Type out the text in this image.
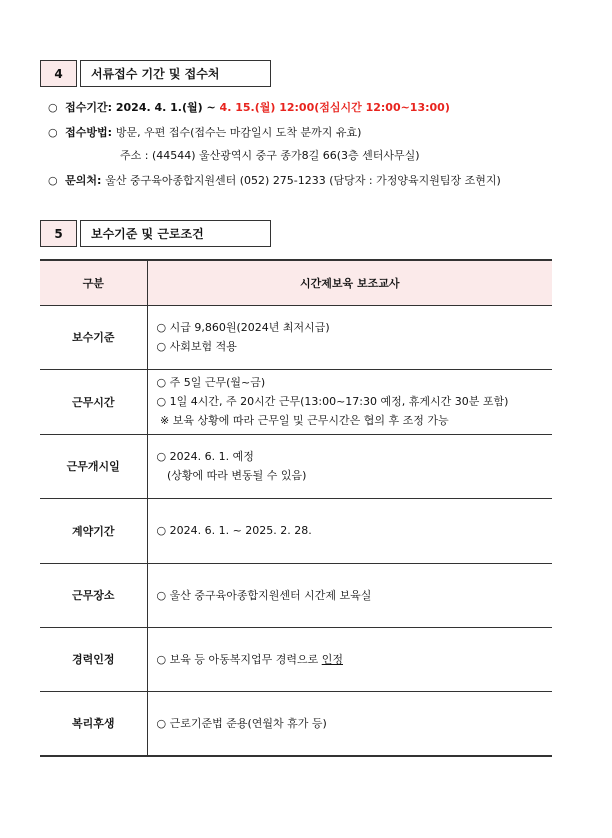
4	서류접수 기간 및 접수처
○ 접수기간: 2024. 4. 1.(월) ~ 4. 15.(월) 12:00(점심시간 12:00~13:00)
○ 접수방법: 방문, 우편 접수(접수는 마감일시 도착 분까지 유효)
주소 : (44544) 울산광역시 중구 종가8길 66(3층 센터사무실)
○ 문의처: 울산 중구육아종합지원센터 (052) 275-1233 (담당자 : 가정양육지원팀장 조현지)
5	보수기준 및 근로조건
구분	시간제보육 보조교사
보수기준	○ 시급 9,860원(2024년 최저시급)
○ 사회보험 적용

근무시간	○ 주 5일 근무(월~금)
○ 1일 4시간, 주 20시간 근무(13:00~17:30 예정, 휴게시간 30분 포함)
※ 보육 상황에 따라 근무일 및 근무시간은 협의 후 조정 가능

근무개시일	○ 2024. 6. 1. 예정
(상황에 따라 변동될 수 있음)

계약기간	○ 2024. 6. 1. ~ 2025. 2. 28.
근무장소	○ 울산 중구육아종합지원센터 시간제 보육실
경력인정	○ 보육 등 아동복지업무 경력으로 인정
복리후생	○ 근로기준법 준용(연월차 휴가 등)
